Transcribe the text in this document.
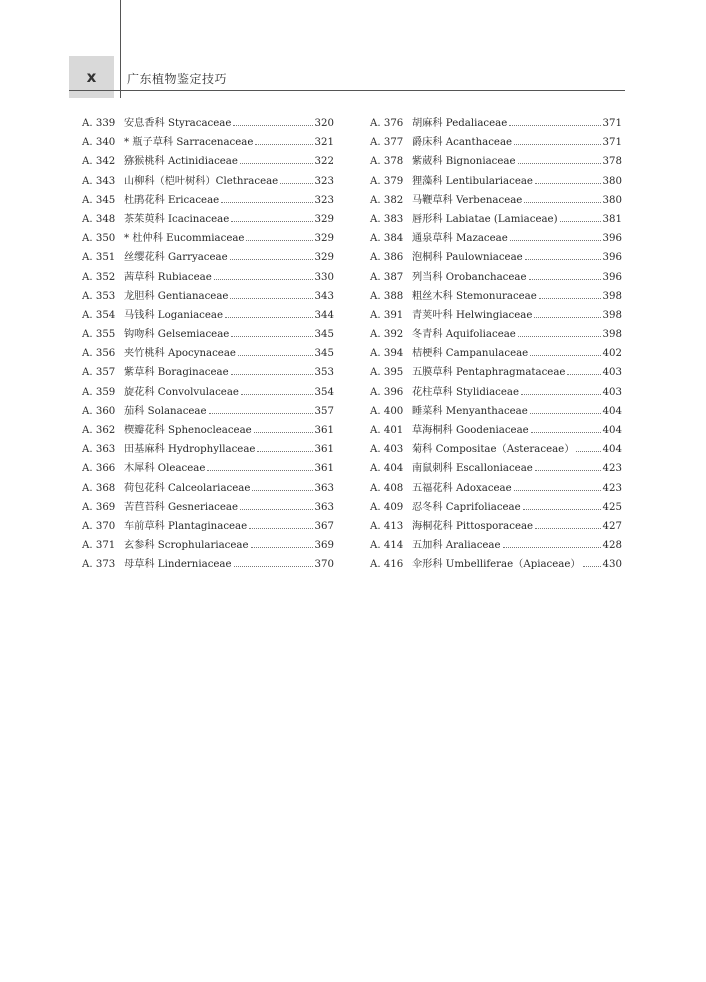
x	广东植物鉴定技巧
A. 339 安息香科 Styracaceae	320
A. 340 * 瓶子草科 Sarracenaceae	321
A. 342 猕猴桃科 Actinidiaceae	322
A. 343 山柳科（桤叶树科）Clethraceae	323
A. 345 杜鹃花科 Ericaceae	323
A. 348 茶茱萸科 Icacinaceae	329
A. 350 * 杜仲科 Eucommiaceae	329
A. 351 丝缨花科 Garryaceae	329
A. 352 茜草科 Rubiaceae	330
A. 353 龙胆科 Gentianaceae	343
A. 354 马钱科 Loganiaceae	344
A. 355 钩吻科 Gelsemiaceae	345
A. 356 夹竹桃科 Apocynaceae	345
A. 357 紫草科 Boraginaceae	353
A. 359 旋花科 Convolvulaceae	354
A. 360 茄科 Solanaceae	357
A. 362 楔瓣花科 Sphenocleaceae	361
A. 363 田基麻科 Hydrophyllaceae	361
A. 366 木犀科 Oleaceae	361
A. 368 荷包花科 Calceolariaceae	363
A. 369 苦苣苔科 Gesneriaceae	363
A. 370 车前草科 Plantaginaceae	367
A. 371 玄参科 Scrophulariaceae	369
A. 373 母草科 Linderniaceae	370
A. 376 胡麻科 Pedaliaceae	371
A. 377 爵床科 Acanthaceae	371
A. 378 紫葳科 Bignoniaceae	378
A. 379 狸藻科 Lentibulariaceae	380
A. 382 马鞭草科 Verbenaceae	380
A. 383 唇形科 Labiatae (Lamiaceae)	381
A. 384 通泉草科 Mazaceae	396
A. 386 泡桐科 Paulowniaceae	396
A. 387 列当科 Orobanchaceae	396
A. 388 粗丝木科 Stemonuraceae	398
A. 391 青荚叶科 Helwingiaceae	398
A. 392 冬青科 Aquifoliaceae	398
A. 394 桔梗科 Campanulaceae	402
A. 395 五膜草科 Pentaphragmataceae	403
A. 396 花柱草科 Stylidiaceae	403
A. 400 睡菜科 Menyanthaceae	404
A. 401 草海桐科 Goodeniaceae	404
A. 403 菊科 Compositae（Asteraceae）	404
A. 404 南鼠刺科 Escalloniaceae	423
A. 408 五福花科 Adoxaceae	423
A. 409 忍冬科 Caprifoliaceae	425
A. 413 海桐花科 Pittosporaceae	427
A. 414 五加科 Araliaceae	428
A. 416 伞形科 Umbelliferae（Apiaceae） 430
